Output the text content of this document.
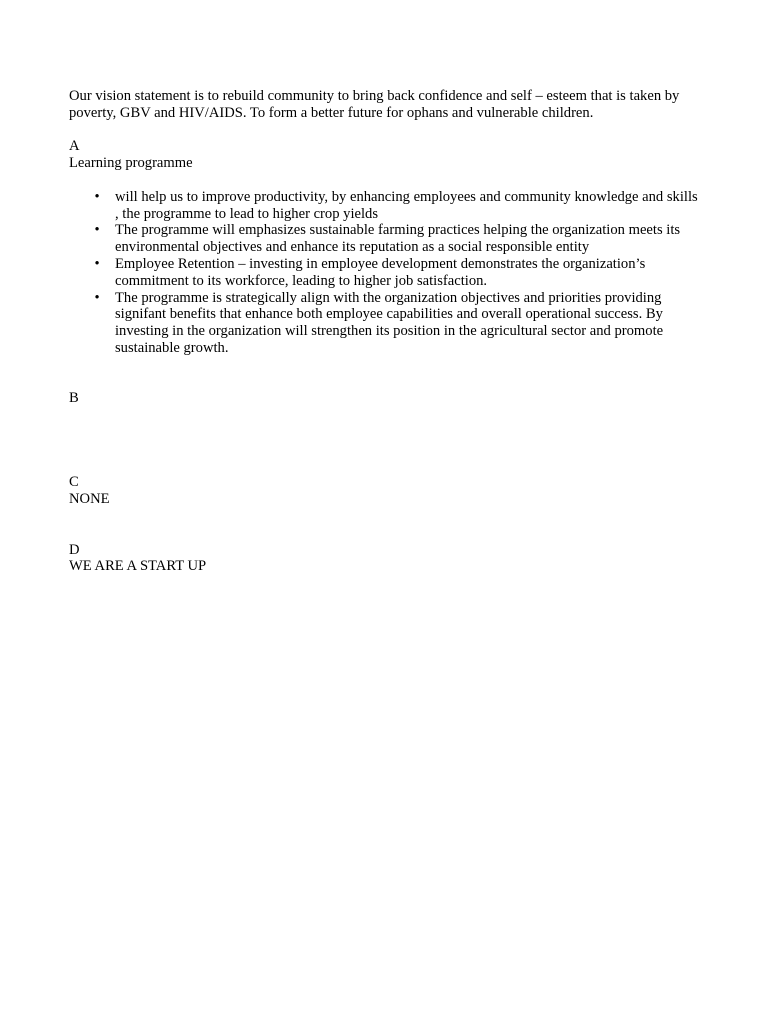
Our vision statement is to rebuild community to bring back confidence and self – esteem that is taken by poverty, GBV and HIV/AIDS. To form a better future for ophans and vulnerable children.

A

Learning programme

• will help us to improve productivity, by enhancing employees and community knowledge and skills , the programme to lead to higher crop yields
• The programme will emphasizes sustainable farming practices helping the organization meets its environmental objectives and enhance its reputation as a social responsible entity
• Employee Retention – investing in employee development demonstrates the organization’s commitment to its workforce, leading to higher job satisfaction.
• The programme is strategically align with the organization objectives and priorities providing signifant benefits that enhance both employee capabilities and overall operational success. By investing in the organization will strengthen its position in the agricultural sector and promote sustainable growth.

B

C

NONE

D

WE ARE A START UP
